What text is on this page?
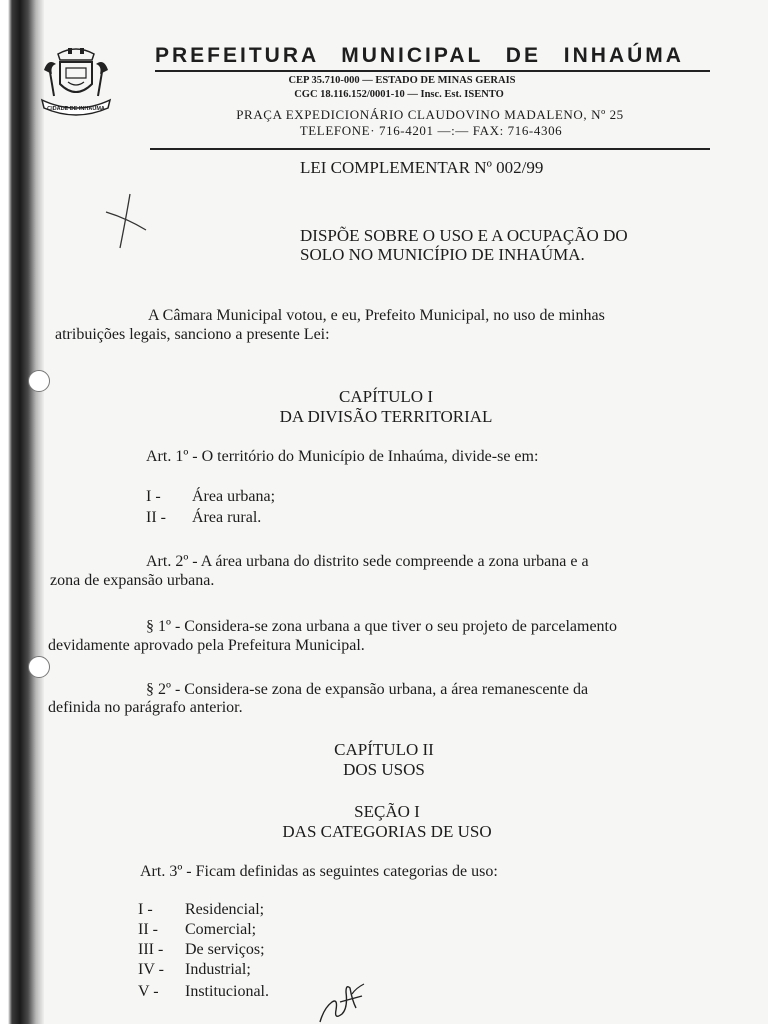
CIDADE DE INHAÚMA
PREFEITURA MUNICIPAL DE INHAÚMA
CEP 35.710-000 — ESTADO DE MINAS GERAIS
CGC 18.116.152/0001-10 — Insc. Est. ISENTO
PRAÇA EXPEDICIONÁRIO CLAUDOVINO MADALENO, Nº 25
TELEFONE· 716-4201 —:— FAX: 716-4306
LEI COMPLEMENTAR Nº 002/99
DISPÕE SOBRE O USO E A OCUPAÇÃO DO
SOLO NO MUNICÍPIO DE INHAÚMA.
A Câmara Municipal votou, e eu, Prefeito Municipal, no uso de minhas
atribuições legais, sanciono a presente Lei:
CAPÍTULO I
DA DIVISÃO TERRITORIAL
Art. 1º - O território do Município de Inhaúma, divide-se em:
I - Área urbana;
II - Área rural.
Art. 2º - A área urbana do distrito sede compreende a zona urbana e a
zona de expansão urbana.
§ 1º - Considera-se zona urbana a que tiver o seu projeto de parcelamento
devidamente aprovado pela Prefeitura Municipal.
§ 2º - Considera-se zona de expansão urbana, a área remanescente da
definida no parágrafo anterior.
CAPÍTULO II
DOS USOS
SEÇÃO I
DAS CATEGORIAS DE USO
Art. 3º - Ficam definidas as seguintes categorias de uso:
I - Residencial;
II - Comercial;
III - De serviços;
IV - Industrial;
V - Institucional.
